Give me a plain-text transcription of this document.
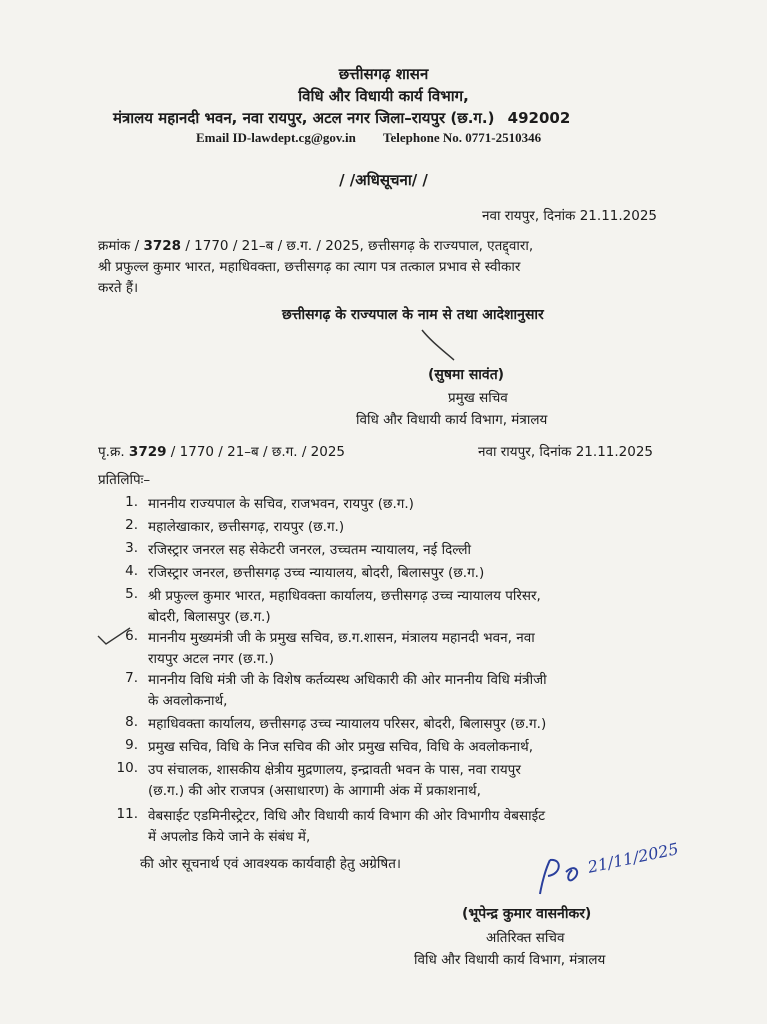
छत्तीसगढ़ शासन
विधि और विधायी कार्य विभाग,
मंत्रालय महानदी भवन, नवा रायपुर, अटल नगर जिला–रायपुर (छ.ग.) 492002
Email ID-lawdept.cg@gov.in Telephone No. 0771-2510346
/ /अधिसूचना/ /
नवा रायपुर, दिनांक 21.11.2025
क्रमांक / 3728 / 1770 / 21–ब / छ.ग. / 2025, छत्तीसगढ़ के राज्यपाल, एतद्द्वारा,
श्री प्रफुल्ल कुमार भारत, महाधिवक्ता, छत्तीसगढ़ का त्याग पत्र तत्काल प्रभाव से स्वीकार
करते हैं।
छत्तीसगढ़ के राज्यपाल के नाम से तथा आदेशानुसार
(सुषमा सावंत)
प्रमुख सचिव
विधि और विधायी कार्य विभाग, मंत्रालय
पृ.क्र. 3729 / 1770 / 21–ब / छ.ग. / 2025	नवा रायपुर, दिनांक 21.11.2025
प्रतिलिपिः–
1. माननीय राज्यपाल के सचिव, राजभवन, रायपुर (छ.ग.)
2. महालेखाकार, छत्तीसगढ़, रायपुर (छ.ग.)
3. रजिस्ट्रार जनरल सह सेकेटरी जनरल, उच्चतम न्यायालय, नई दिल्ली
4. रजिस्ट्रार जनरल, छत्तीसगढ़ उच्च न्यायालय, बोदरी, बिलासपुर (छ.ग.)
5. श्री प्रफुल्ल कुमार भारत, महाधिवक्ता कार्यालय, छत्तीसगढ़ उच्च न्यायालय परिसर,
बोदरी, बिलासपुर (छ.ग.)
6. माननीय मुख्यमंत्री जी के प्रमुख सचिव, छ.ग.शासन, मंत्रालय महानदी भवन, नवा
रायपुर अटल नगर (छ.ग.)
7. माननीय विधि मंत्री जी के विशेष कर्तव्यस्थ अधिकारी की ओर माननीय विधि मंत्रीजी
के अवलोकनार्थ,
8. महाधिवक्ता कार्यालय, छत्तीसगढ़ उच्च न्यायालय परिसर, बोदरी, बिलासपुर (छ.ग.)
9. प्रमुख सचिव, विधि के निज सचिव की ओर प्रमुख सचिव, विधि के अवलोकनार्थ,
10. उप संचालक, शासकीय क्षेत्रीय मुद्रणालय, इन्द्रावती भवन के पास, नवा रायपुर
(छ.ग.) की ओर राजपत्र (असाधारण) के आगामी अंक में प्रकाशनार्थ,
11. वेबसाईट एडमिनीस्ट्रेटर, विधि और विधायी कार्य विभाग की ओर विभागीय वेबसाईट
में अपलोड किये जाने के संबंध में,
की ओर सूचनार्थ एवं आवश्यक कार्यवाही हेतु अग्रेषित।	21/11/2025
(भूपेन्द्र कुमार वासनीकर)
अतिरिक्त सचिव
विधि और विधायी कार्य विभाग, मंत्रालय
